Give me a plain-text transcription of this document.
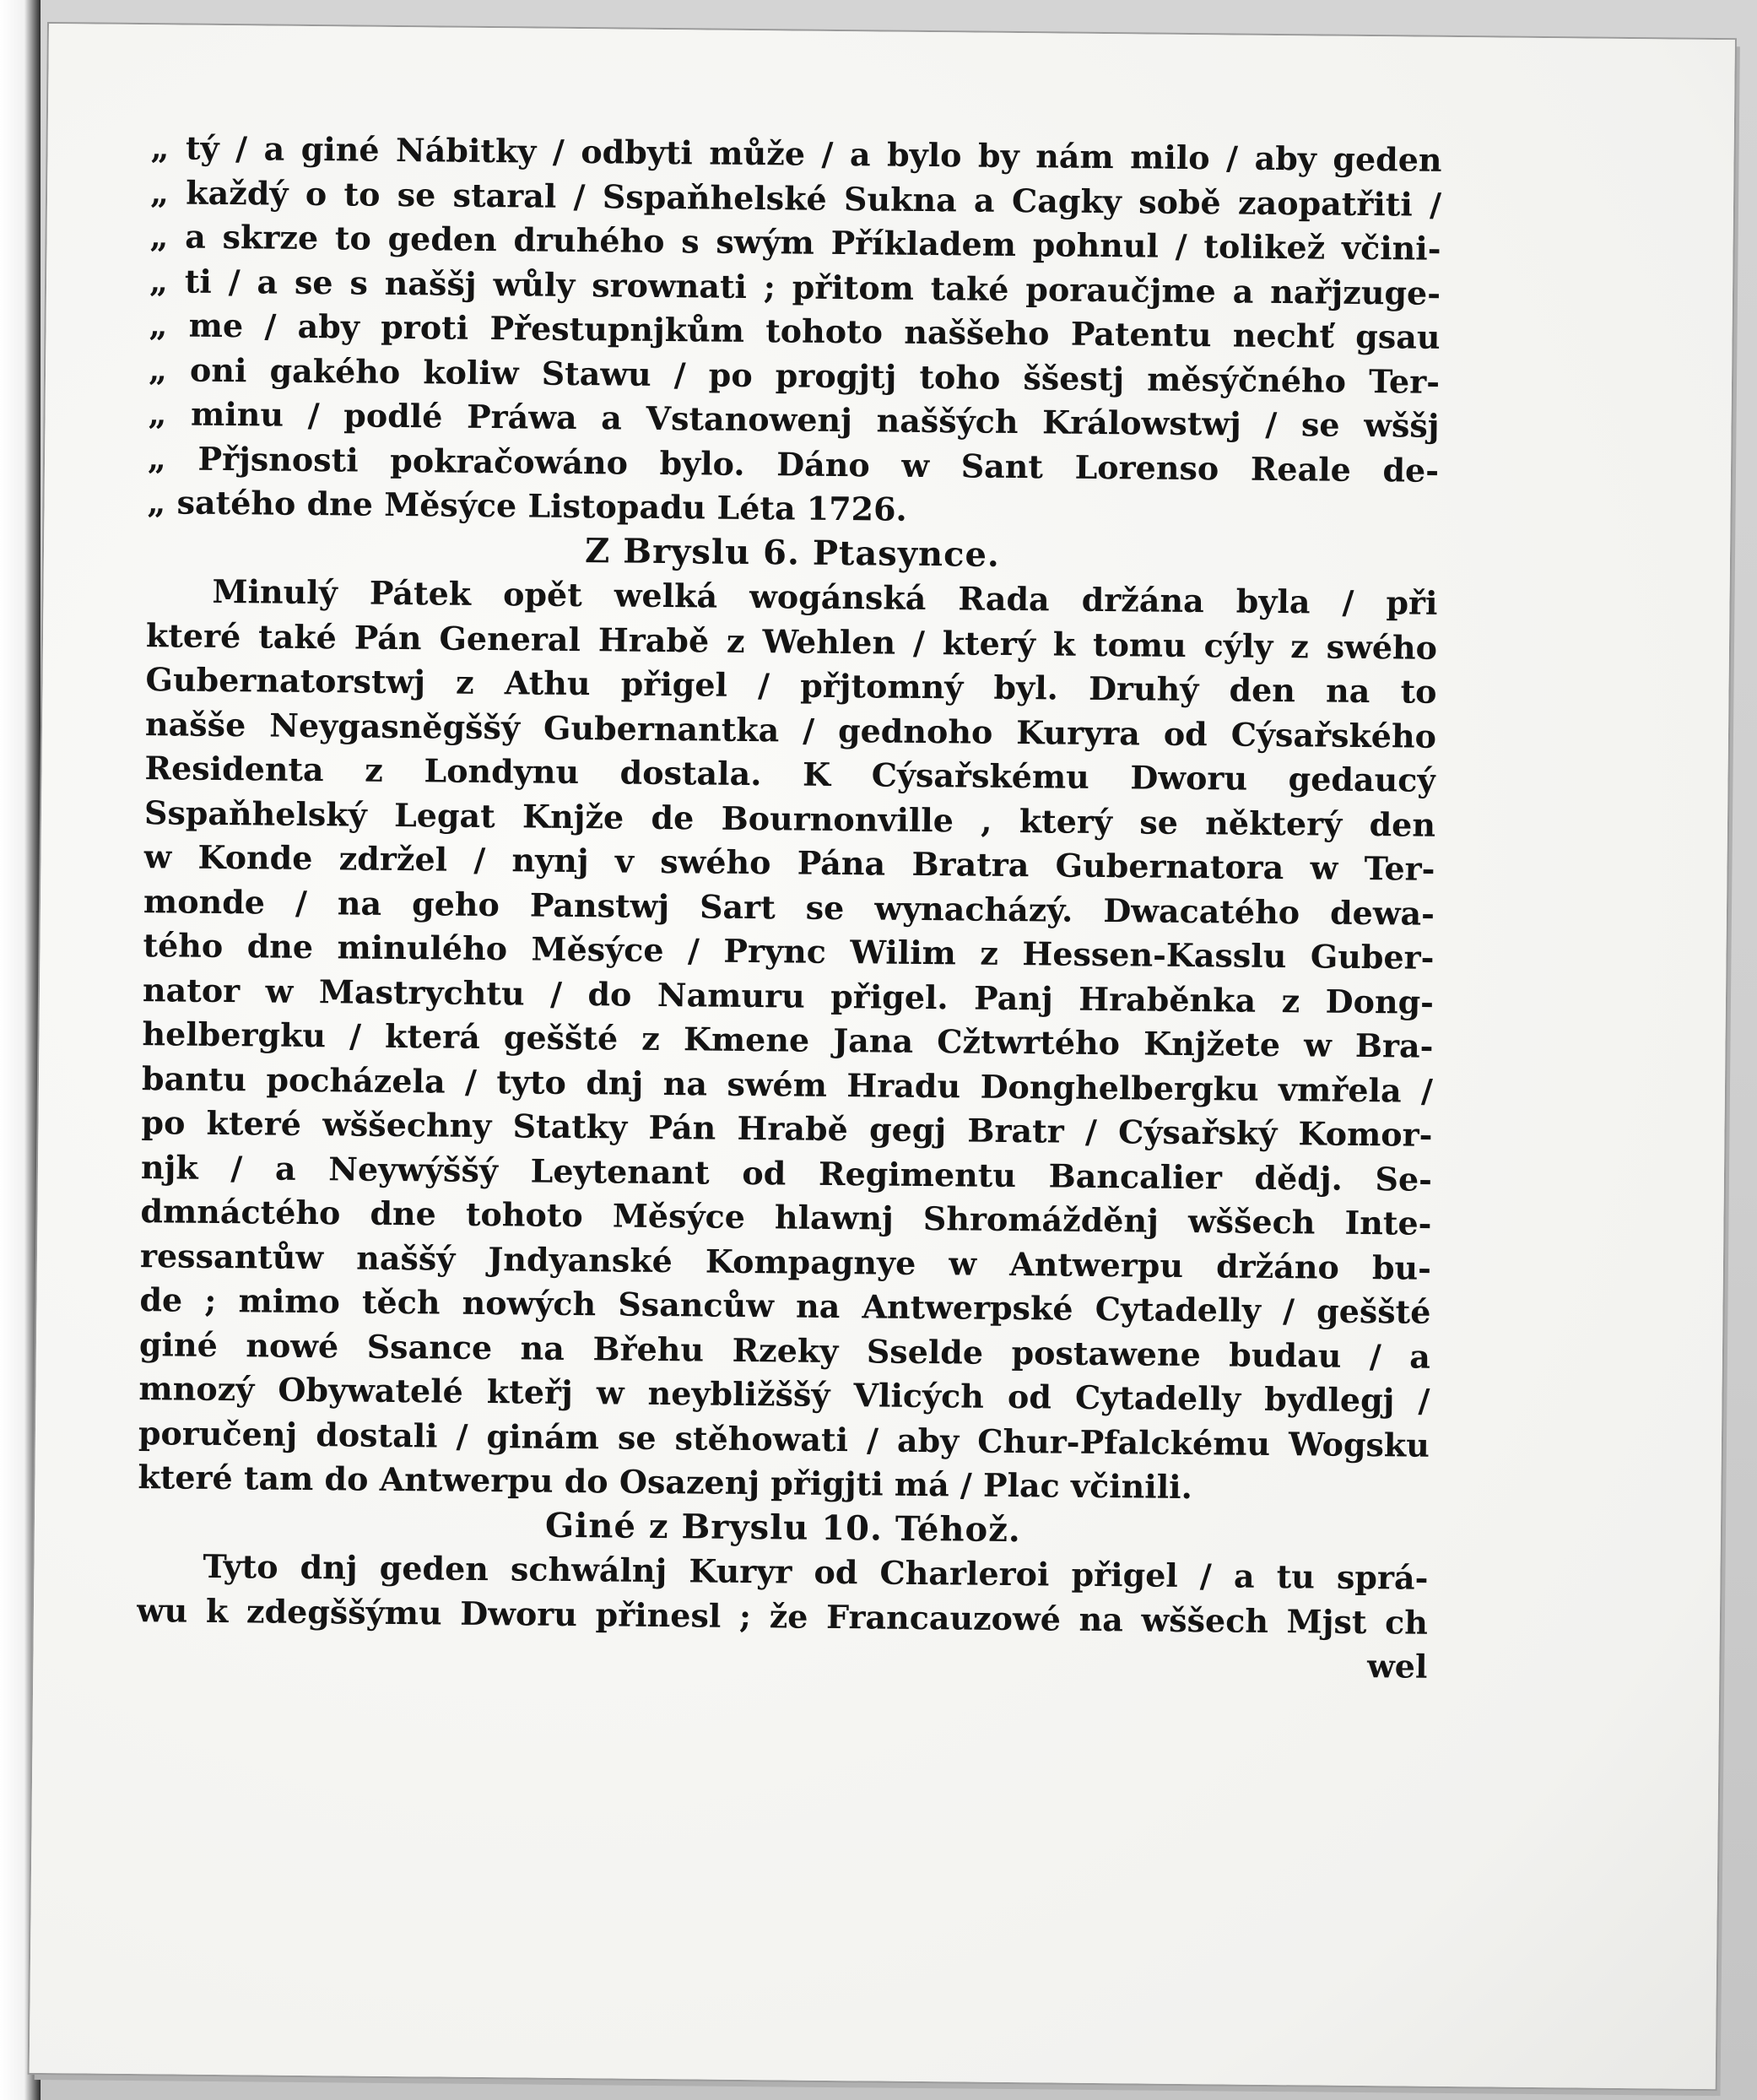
„ tý / a giné Nábitky / odbyti může / a bylo by nám milo / aby geden
„ každý o to se staral / Sspaňhelské Sukna a Cagky sobě zaopatřiti /
„ a skrze to geden druhého s swým Příkladem pohnul / tolikež včini-
„ ti / a se s naššj wůly srownati ; přitom také poraučjme a nařjzuge-
„ me / aby proti Přestupnjkům tohoto naššeho Patentu nechť gsau
„ oni gakého koliw Stawu / po progjtj toho ššestj měsýčného Ter-
„ minu / podlé Práwa a Vstanowenj naššých Králowstwj / se wššj
„ Přjsnosti pokračowáno bylo. Dáno w Sant Lorenso Reale de-
„ satého dne Měsýce Listopadu Léta 1726.
Z Bryslu 6. Ptasynce.
Minulý Pátek opět welká wogánská Rada držána byla / při
které také Pán General Hrabě z Wehlen / který k tomu cýly z swého
Gubernatorstwj z Athu přigel / přjtomný byl. Druhý den na to
našše Neygasněgššý Gubernantka / gednoho Kuryra od Cýsařského
Residenta z Londynu dostala. K Cýsařskému Dworu gedaucý
Sspaňhelský Legat Knjže de Bournonville , který se některý den
w Konde zdržel / nynj v swého Pána Bratra Gubernatora w Ter-
monde / na geho Panstwj Sart se wynacházý. Dwacatého dewa-
tého dne minulého Měsýce / Prync Wilim z Hessen-Kasslu Guber-
nator w Mastrychtu / do Namuru přigel. Panj Hraběnka z Dong-
helbergku / která geššté z Kmene Jana Cžtwrtého Knjžete w Bra-
bantu pocházela / tyto dnj na swém Hradu Donghelbergku vmřela /
po které wššechny Statky Pán Hrabě gegj Bratr / Cýsařský Komor-
njk / a Neywýššý Leytenant od Regimentu Bancalier dědj. Se-
dmnáctého dne tohoto Měsýce hlawnj Shromážděnj wššech Inte-
ressantůw naššý Jndyanské Kompagnye w Antwerpu držáno bu-
de ; mimo těch nowých Ssancůw na Antwerpské Cytadelly / geššté
giné nowé Ssance na Břehu Rzeky Sselde postawene budau / a
mnozý Obywatelé kteřj w neybližššý Vlicých od Cytadelly bydlegj /
poručenj dostali / ginám se stěhowati / aby Chur-Pfalckému Wogsku
které tam do Antwerpu do Osazenj přigjti má / Plac včinili.
Giné z Bryslu 10. Téhož.
Tyto dnj geden schwálnj Kuryr od Charleroi přigel / a tu sprá-
wu k zdegššýmu Dworu přinesl ; že Francauzowé na wššech Mjst ch
wel
